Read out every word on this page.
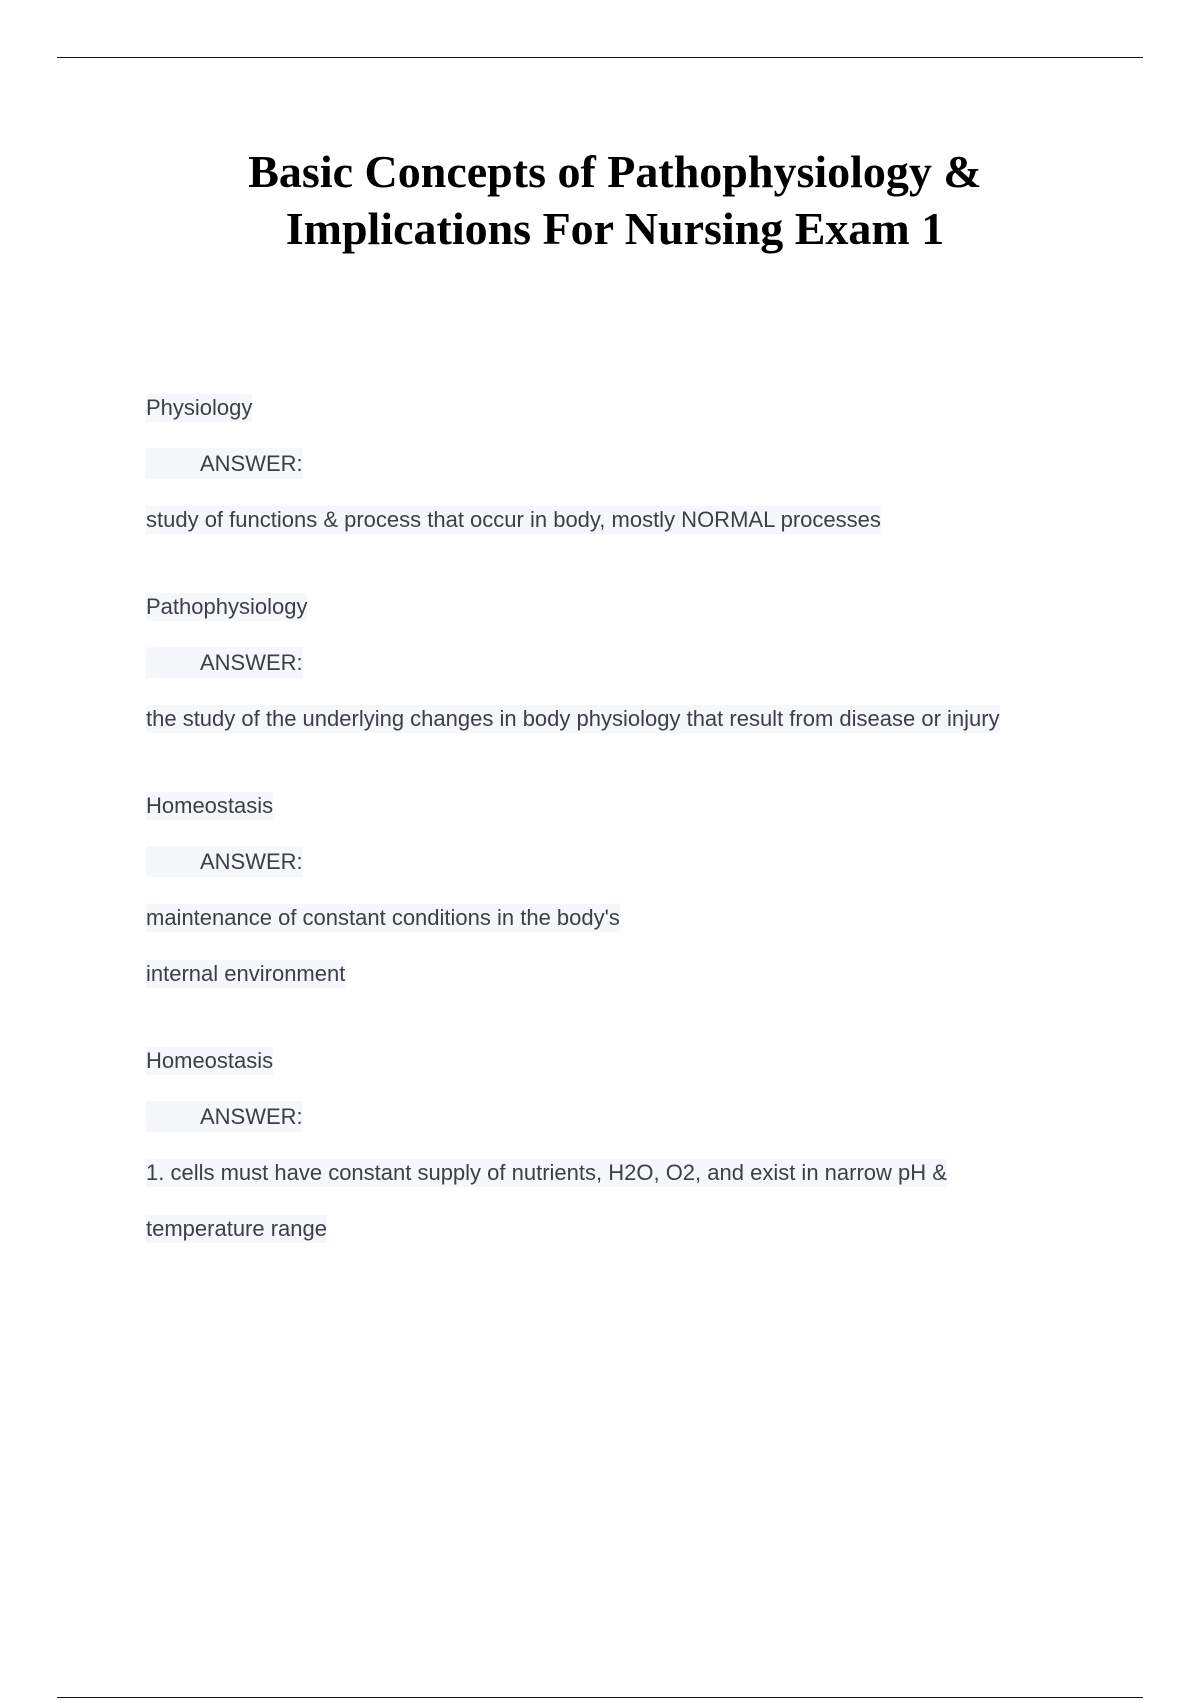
Basic Concepts of Pathophysiology &
Implications For Nursing Exam 1
Physiology
ANSWER:
study of functions & process that occur in body, mostly NORMAL processes
Pathophysiology
ANSWER:
the study of the underlying changes in body physiology that result from disease or injury
Homeostasis
ANSWER:
maintenance of constant conditions in the body's
internal environment
Homeostasis
ANSWER:
1. cells must have constant supply of nutrients, H2O, O2, and exist in narrow pH &
temperature range
